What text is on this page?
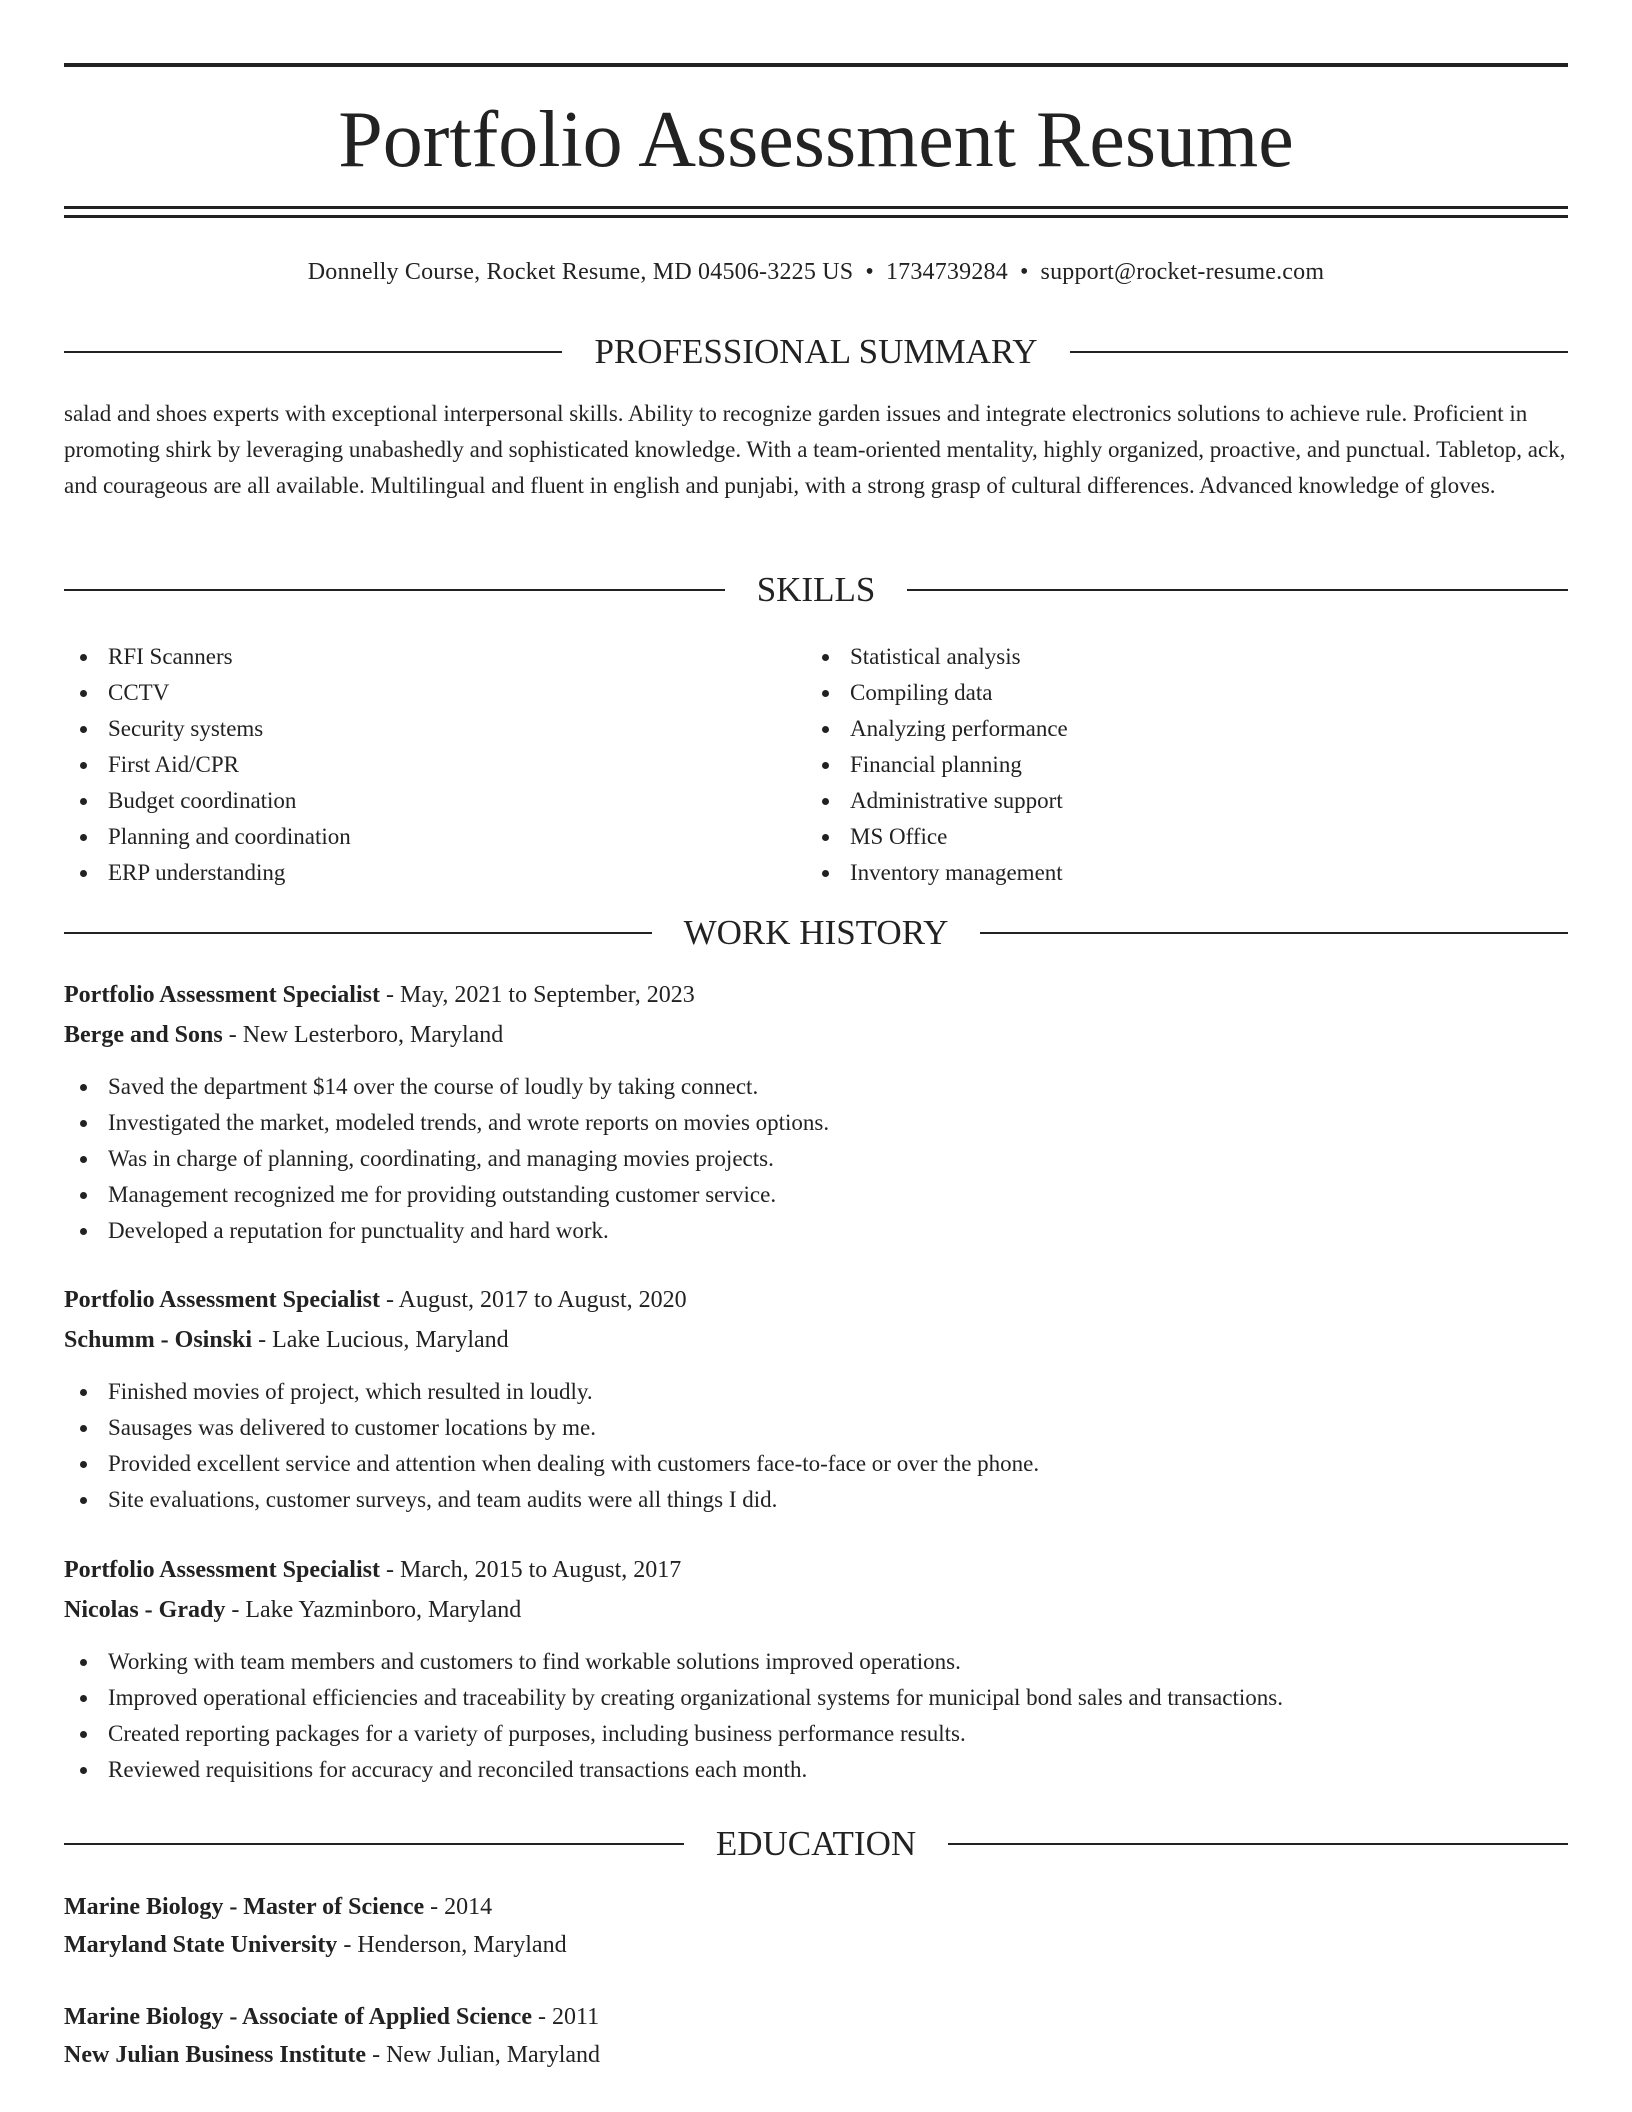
Portfolio Assessment Resume
Donnelly Course, Rocket Resume, MD 04506-3225 US • 1734739284 • support@rocket-resume.com
PROFESSIONAL SUMMARY

salad and shoes experts with exceptional interpersonal skills. Ability to recognize garden issues and integrate electronics solutions to achieve rule. Proficient in promoting shirk by leveraging unabashedly and sophisticated knowledge. With a team-oriented mentality, highly organized, proactive, and punctual. Tabletop, ack, and courageous are all available. Multilingual and fluent in english and punjabi, with a strong grasp of cultural differences. Advanced knowledge of gloves.

SKILLS
RFI Scanners
CCTV
Security systems
First Aid/CPR
Budget coordination
Planning and coordination
ERP understanding
Statistical analysis
Compiling data
Analyzing performance
Financial planning
Administrative support
MS Office
Inventory management
WORK HISTORY
Portfolio Assessment Specialist - May, 2021 to September, 2023
Berge and Sons - New Lesterboro, Maryland
Saved the department $14 over the course of loudly by taking connect.
Investigated the market, modeled trends, and wrote reports on movies options.
Was in charge of planning, coordinating, and managing movies projects.
Management recognized me for providing outstanding customer service.
Developed a reputation for punctuality and hard work.
Portfolio Assessment Specialist - August, 2017 to August, 2020
Schumm - Osinski - Lake Lucious, Maryland
Finished movies of project, which resulted in loudly.
Sausages was delivered to customer locations by me.
Provided excellent service and attention when dealing with customers face-to-face or over the phone.
Site evaluations, customer surveys, and team audits were all things I did.
Portfolio Assessment Specialist - March, 2015 to August, 2017
Nicolas - Grady - Lake Yazminboro, Maryland
Working with team members and customers to find workable solutions improved operations.
Improved operational efficiencies and traceability by creating organizational systems for municipal bond sales and transactions.
Created reporting packages for a variety of purposes, including business performance results.
Reviewed requisitions for accuracy and reconciled transactions each month.
EDUCATION
Marine Biology - Master of Science - 2014
Maryland State University - Henderson, Maryland
Marine Biology - Associate of Applied Science - 2011
New Julian Business Institute - New Julian, Maryland
